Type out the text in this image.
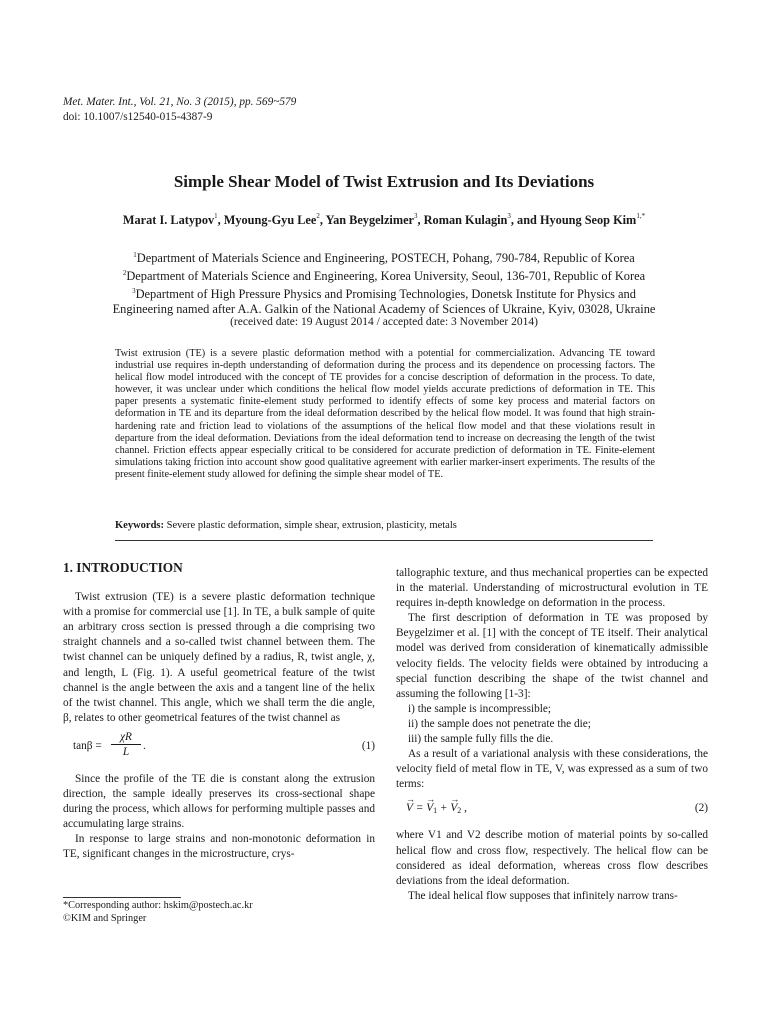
Met. Mater. Int., Vol. 21, No. 3 (2015), pp. 569~579
doi: 10.1007/s12540-015-4387-9
Simple Shear Model of Twist Extrusion and Its Deviations
Marat I. Latypov$^1$, Myoung-Gyu Lee$^2$, Yan Beygelzimer$^3$, Roman Kulagin$^3$, and Hyoung Seop Kim$^{1,*}$
$^1$Department of Materials Science and Engineering, POSTECH, Pohang, 790-784, Republic of Korea
$^2$Department of Materials Science and Engineering, Korea University, Seoul, 136-701, Republic of Korea
$^3$Department of High Pressure Physics and Promising Technologies, Donetsk Institute for Physics and
Engineering named after A.A. Galkin of the National Academy of Sciences of Ukraine, Kyiv, 03028, Ukraine
(received date: 19 August 2014 / accepted date: 3 November 2014)
Twist extrusion (TE) is a severe plastic deformation method with a potential for commercialization. Advancing TE toward industrial use requires in-depth understanding of deformation during the process and its dependence on processing factors. The helical flow model introduced with the concept of TE provides for a concise description of deformation in the process. To date, however, it was unclear under which conditions the helical flow model yields accurate predictions of deformation in TE. This paper presents a systematic finite-element study performed to identify effects of some key process and material factors on deformation in TE and its departure from the ideal deformation described by the helical flow model. It was found that high strain-hardening rate and friction lead to violations of the assumptions of the helical flow model and that these violations result in departure from the ideal deformation. Deviations from the ideal deformation tend to increase on decreasing the length of the twist channel. Friction effects appear especially critical to be considered for accurate prediction of deformation in TE. Finite-element simulations taking friction into account show good qualitative agreement with earlier marker-insert experiments. The results of the present finite-element study allowed for defining the simple shear model of TE.
Keywords: Severe plastic deformation, simple shear, extrusion, plasticity, metals
1. INTRODUCTION

Twist extrusion (TE) is a severe plastic deformation technique with a promise for commercial use [1]. In TE, a bulk sample of quite an arbitrary cross section is pressed through a die comprising two straight channels and a so-called twist channel between them. The twist channel can be uniquely defined by a radius, R, twist angle, χ, and length, L (Fig. 1). A useful geometrical feature of the twist channel is the angle between the axis and a tangent line of the helix of the twist channel. This angle, which we shall term the die angle, β, relates to other geometrical features of the twist channel as

$\tan\beta = \frac{\chi R}{L}$ .	(1)

Since the profile of the TE die is constant along the extrusion direction, the sample ideally preserves its cross-sectional shape during the process, which allows for performing multiple passes and accumulating large strains.

In response to large strains and non-monotonic deformation in TE, significant changes in the microstructure, crys-

tallographic texture, and thus mechanical properties can be expected in the material. Understanding of microstructural evolution in TE requires in-depth knowledge on deformation in the process.

The first description of deformation in TE was proposed by Beygelzimer et al. [1] with the concept of TE itself. Their analytical model was derived from consideration of kinematically admissible velocity fields. The velocity fields were obtained by introducing a special function describing the shape of the twist channel and assuming the following [1-3]:

i) the sample is incompressible;
ii) the sample does not penetrate the die;
iii) the sample fully fills the die.

As a result of a variational analysis with these considerations, the velocity field of metal flow in TE, V, was expressed as a sum of two terms:

→ V = → $V_1$ + → $V_2$ ,	(2)

where V1 and V2 describe motion of material points by so-called helical flow and cross flow, respectively. The helical flow can be considered as ideal deformation, whereas cross flow describes deviations from the ideal deformation.

The ideal helical flow supposes that infinitely narrow trans-

*Corresponding author: hskim@postech.ac.kr
©KIM and Springer
